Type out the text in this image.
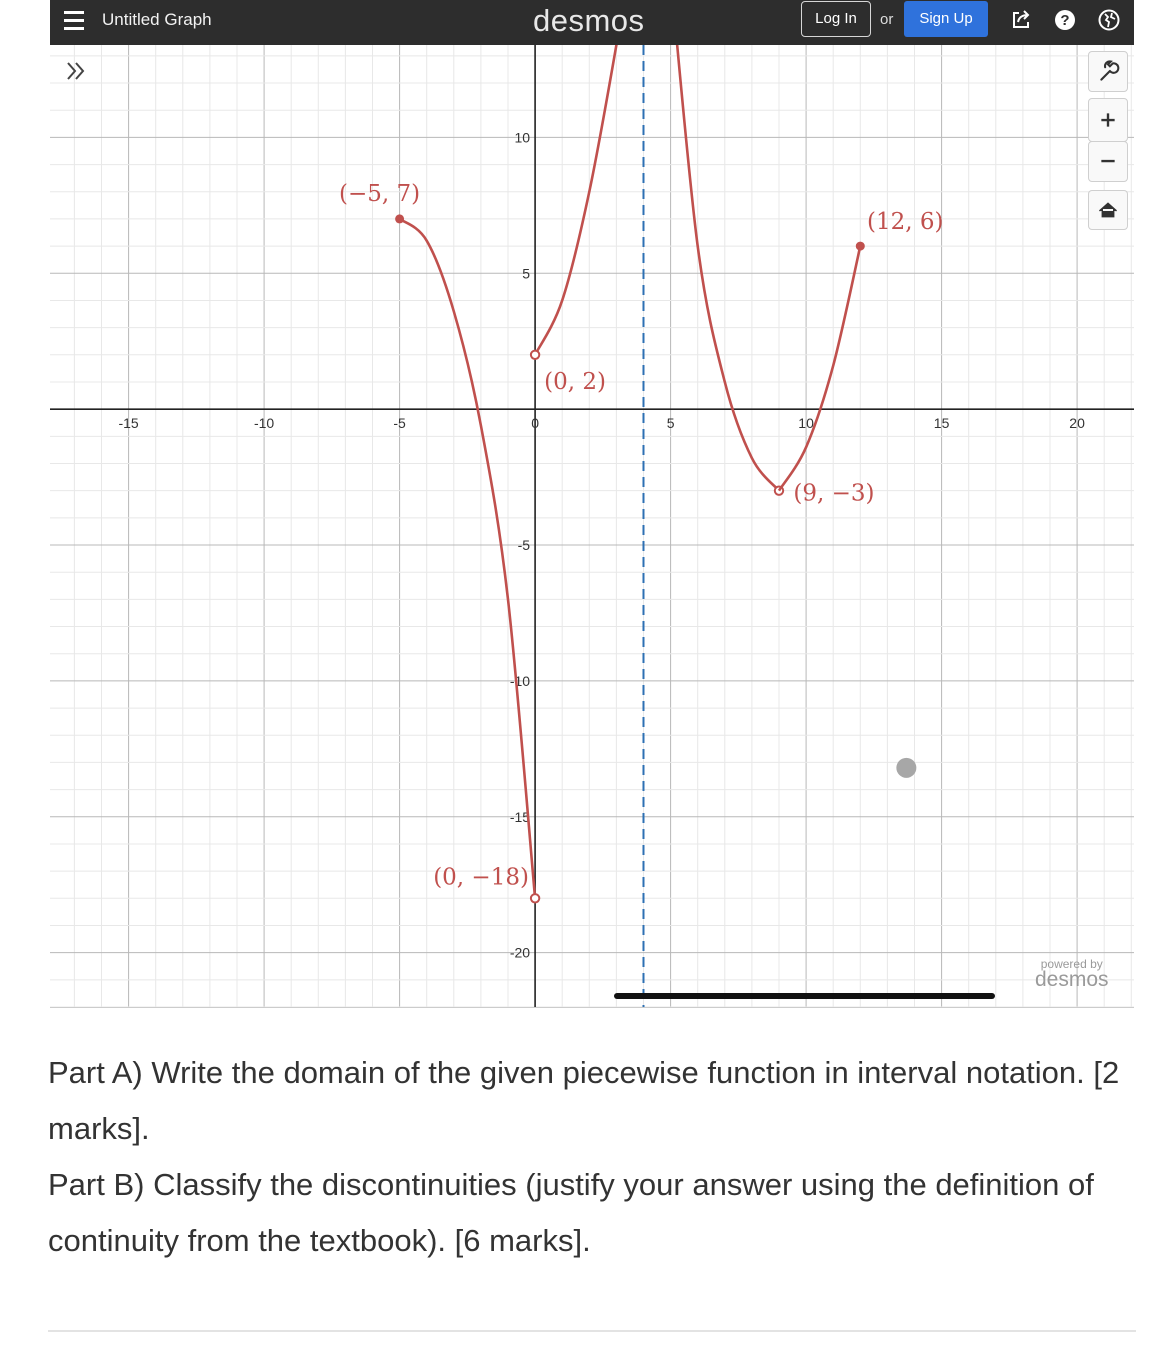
Untitled Graph	desmos	Log In	or	Sign Up	?
-15	-10	-5	0	5	10	15	20
10
5
-5
-10
-15
-20
(−5, 7)
(12, 6)
(0, 2)
(9, −3)
(0, −18)
powered by
desmos

Part A) Write the domain of the given piecewise function in interval notation. [2 marks].

Part B) Classify the discontinuities (justify your answer using the definition of continuity from the textbook). [6 marks].
